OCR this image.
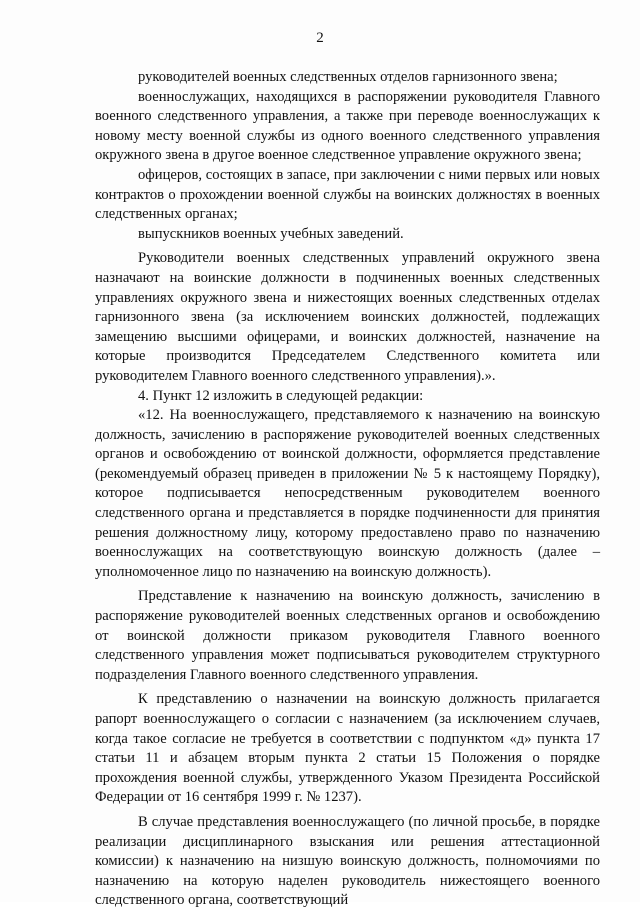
2

руководителей военных следственных отделов гарнизонного звена;

военнослужащих, находящихся в распоряжении руководителя Главного военного следственного управления, а также при переводе военнослужащих к новому месту военной службы из одного военного следственного управления окружного звена в другое военное следственное управление окружного звена;

офицеров, состоящих в запасе, при заключении с ними первых или новых контрактов о прохождении военной службы на воинских должностях в военных следственных органах;

выпускников военных учебных заведений.

Руководители военных следственных управлений окружного звена назначают на воинские должности в подчиненных военных следственных управлениях окружного звена и нижестоящих военных следственных отделах гарнизонного звена (за исключением воинских должностей, подлежащих замещению высшими офицерами, и воинских должностей, назначение на которые производится Председателем Следственного комитета или руководителем Главного военного следственного управления).».

4. Пункт 12 изложить в следующей редакции:

«12. На военнослужащего, представляемого к назначению на воинскую должность, зачислению в распоряжение руководителей военных следственных органов и освобождению от воинской должности, оформляется представление (рекомендуемый образец приведен в приложении № 5 к настоящему Порядку), которое подписывается непосредственным руководителем военного следственного органа и представляется в порядке подчиненности для принятия решения должностному лицу, которому предоставлено право по назначению военнослужащих на соответствующую воинскую должность (далее – уполномоченное лицо по назначению на воинскую должность).

Представление к назначению на воинскую должность, зачислению в распоряжение руководителей военных следственных органов и освобождению от воинской должности приказом руководителя Главного военного следственного управления может подписываться руководителем структурного подразделения Главного военного следственного управления.

К представлению о назначении на воинскую должность прилагается рапорт военнослужащего о согласии с назначением (за исключением случаев, когда такое согласие не требуется в соответствии с подпунктом «д» пункта 17 статьи 11 и абзацем вторым пункта 2 статьи 15 Положения о порядке прохождения военной службы, утвержденного Указом Президента Российской Федерации от 16 сентября 1999 г. № 1237).

В случае представления военнослужащего (по личной просьбе, в порядке реализации дисциплинарного взыскания или решения аттестационной комиссии) к назначению на низшую воинскую должность, полномочиями по назначению на которую наделен руководитель нижестоящего военного следственного органа, соответствующий
